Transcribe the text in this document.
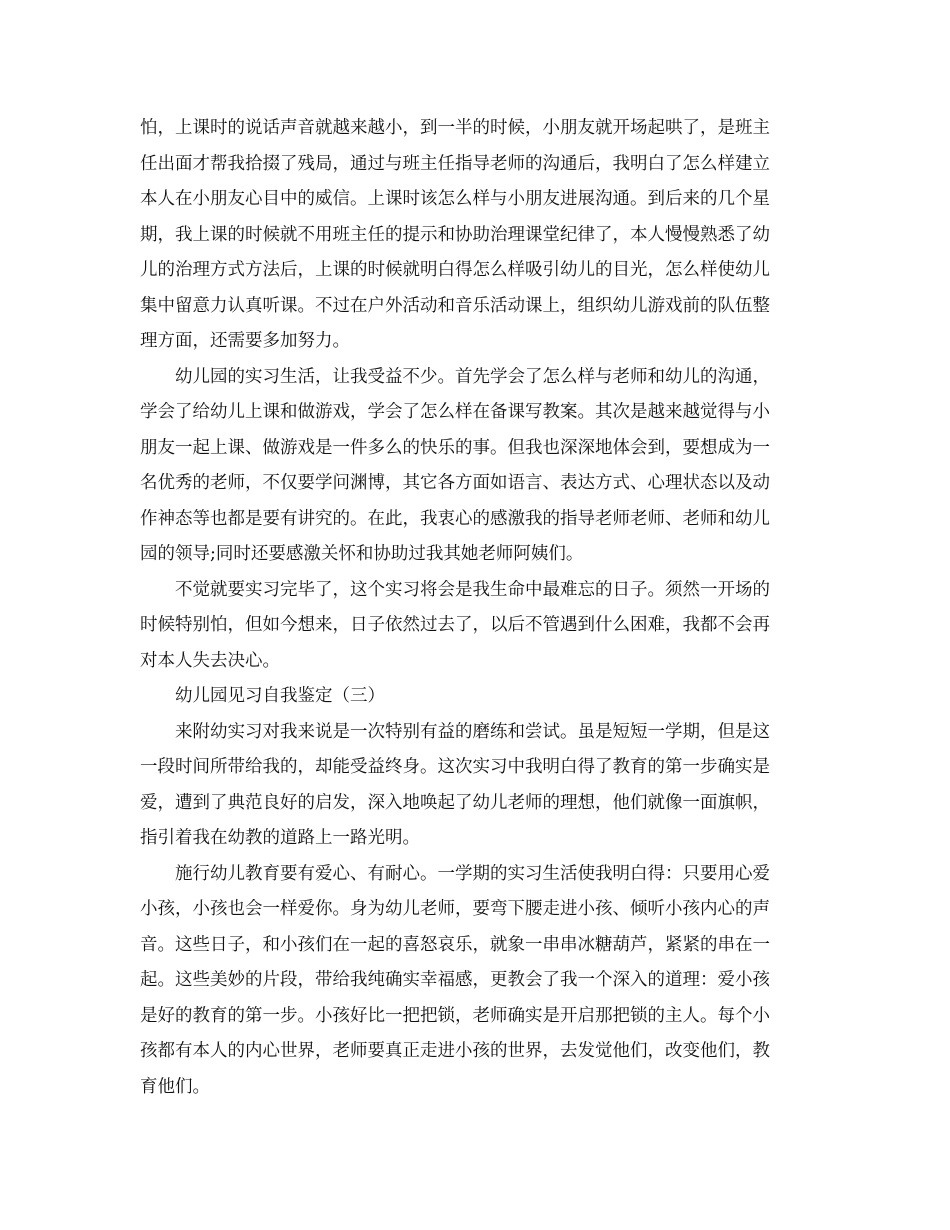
怕，上课时的说话声音就越来越小，到一半的时候，小朋友就开场起哄了，是班主
任出面才帮我拾掇了残局，通过与班主任指导老师的沟通后，我明白了怎么样建立
本人在小朋友心目中的威信。上课时该怎么样与小朋友进展沟通。到后来的几个星
期，我上课的时候就不用班主任的提示和协助治理课堂纪律了，本人慢慢熟悉了幼
儿的治理方式方法后，上课的时候就明白得怎么样吸引幼儿的目光，怎么样使幼儿
集中留意力认真听课。不过在户外活动和音乐活动课上，组织幼儿游戏前的队伍整
理方面，还需要多加努力。
幼儿园的实习生活，让我受益不少。首先学会了怎么样与老师和幼儿的沟通，
学会了给幼儿上课和做游戏，学会了怎么样在备课写教案。其次是越来越觉得与小
朋友一起上课、做游戏是一件多么的快乐的事。但我也深深地体会到，要想成为一
名优秀的老师，不仅要学问渊博，其它各方面如语言、表达方式、心理状态以及动
作神态等也都是要有讲究的。在此，我衷心的感激我的指导老师老师、老师和幼儿
园的领导;同时还要感激关怀和协助过我其她老师阿姨们。
不觉就要实习完毕了，这个实习将会是我生命中最难忘的日子。须然一开场的
时候特别怕，但如今想来，日子依然过去了，以后不管遇到什么困难，我都不会再
对本人失去决心。
幼儿园见习自我鉴定（三）
来附幼实习对我来说是一次特别有益的磨练和尝试。虽是短短一学期，但是这
一段时间所带给我的，却能受益终身。这次实习中我明白得了教育的第一步确实是
爱，遭到了典范良好的启发，深入地唤起了幼儿老师的理想，他们就像一面旗帜，
指引着我在幼教的道路上一路光明。
施行幼儿教育要有爱心、有耐心。一学期的实习生活使我明白得：只要用心爱
小孩，小孩也会一样爱你。身为幼儿老师，要弯下腰走进小孩、倾听小孩内心的声
音。这些日子，和小孩们在一起的喜怒哀乐，就象一串串冰糖葫芦，紧紧的串在一
起。这些美妙的片段，带给我纯确实幸福感，更教会了我一个深入的道理：爱小孩
是好的教育的第一步。小孩好比一把把锁，老师确实是开启那把锁的主人。每个小
孩都有本人的内心世界，老师要真正走进小孩的世界，去发觉他们，改变他们，教
育他们。
